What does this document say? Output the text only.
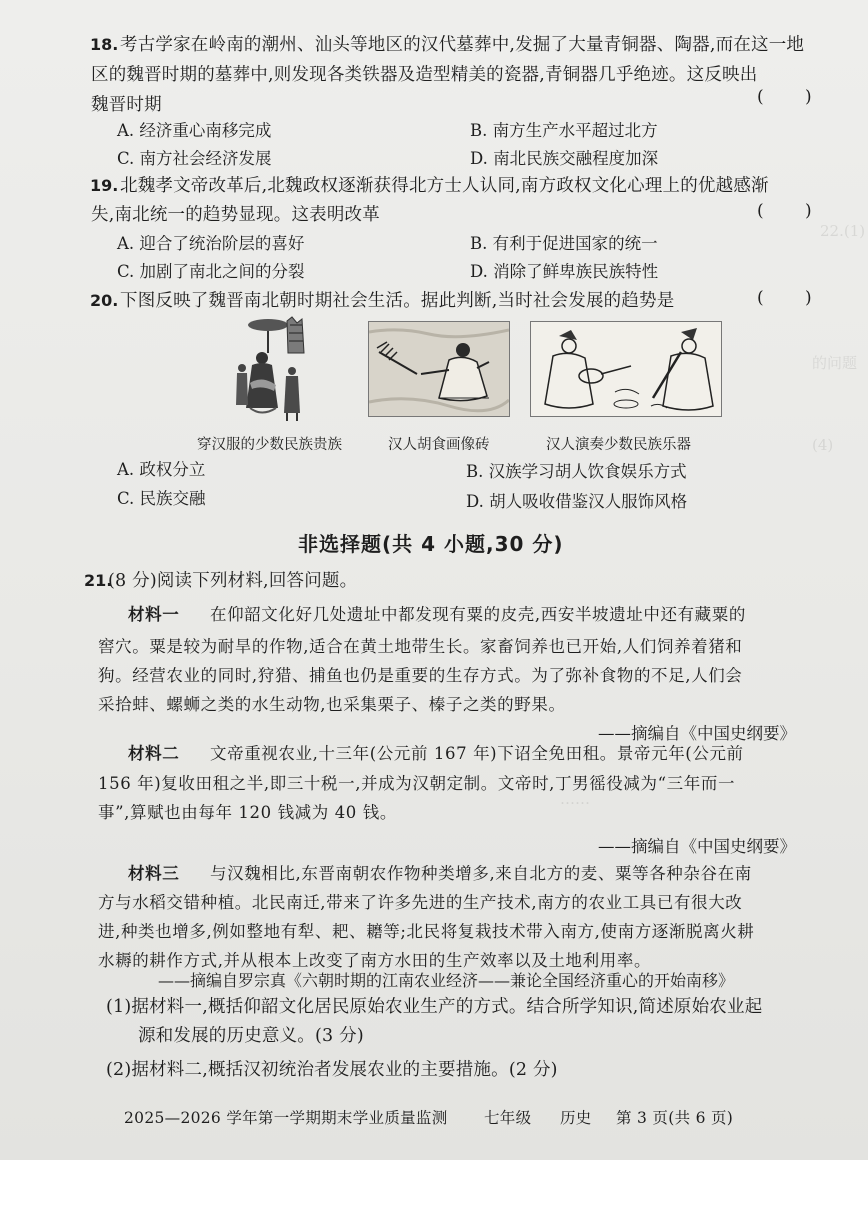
22.(1)
的问题
(4)
……
18. 考古学家在岭南的潮州、汕头等地区的汉代墓葬中,发掘了大量青铜器、陶器,而在这一地
区的魏晋时期的墓葬中,则发现各类铁器及造型精美的瓷器,青铜器几乎绝迹。这反映出
魏晋时期	( )
A. 经济重心南移完成	B. 南方生产水平超过北方
C. 南方社会经济发展	D. 南北民族交融程度加深
19. 北魏孝文帝改革后,北魏政权逐渐获得北方士人认同,南方政权文化心理上的优越感渐
失,南北统一的趋势显现。这表明改革	( )
A. 迎合了统治阶层的喜好	B. 有利于促进国家的统一
C. 加剧了南北之间的分裂	D. 消除了鲜卑族民族特性
20. 下图反映了魏晋南北朝时期社会生活。据此判断,当时社会发展的趋势是	( )
穿汉服的少数民族贵族	汉人胡食画像砖	汉人演奏少数民族乐器
A. 政权分立	B. 汉族学习胡人饮食娱乐方式
C. 民族交融	D. 胡人吸收借鉴汉人服饰风格
非选择题(共 4 小题,30 分)
21.
(8 分)阅读下列材料,回答问题。
材料一 在仰韶文化好几处遗址中都发现有粟的皮壳,西安半坡遗址中还有藏粟的
窖穴。粟是较为耐旱的作物,适合在黄土地带生长。家畜饲养也已开始,人们饲养着猪和
狗。经营农业的同时,狩猎、捕鱼也仍是重要的生存方式。为了弥补食物的不足,人们会
采拾蚌、螺蛳之类的水生动物,也采集栗子、榛子之类的野果。
——摘编自《中国史纲要》
材料二 文帝重视农业,十三年(公元前 167 年)下诏全免田租。景帝元年(公元前
156 年)复收田租之半,即三十税一,并成为汉朝定制。文帝时,丁男徭役减为“三年而一
事”,算赋也由每年 120 钱减为 40 钱。
——摘编自《中国史纲要》
材料三 与汉魏相比,东晋南朝农作物种类增多,来自北方的麦、粟等各种杂谷在南
方与水稻交错种植。北民南迁,带来了许多先进的生产技术,南方的农业工具已有很大改
进,种类也增多,例如整地有犁、耙、耱等;北民将复栽技术带入南方,使南方逐渐脱离火耕
水耨的耕作方式,并从根本上改变了南方水田的生产效率以及土地利用率。
——摘编自罗宗真《六朝时期的江南农业经济——兼论全国经济重心的开始南移》
(1)据材料一,概括仰韶文化居民原始农业生产的方式。结合所学知识,简述原始农业起
源和发展的历史意义。(3 分)
(2)据材料二,概括汉初统治者发展农业的主要措施。(2 分)
2025—2026 学年第一学期期末学业质量监测 七年级 历史 第 3 页(共 6 页)
